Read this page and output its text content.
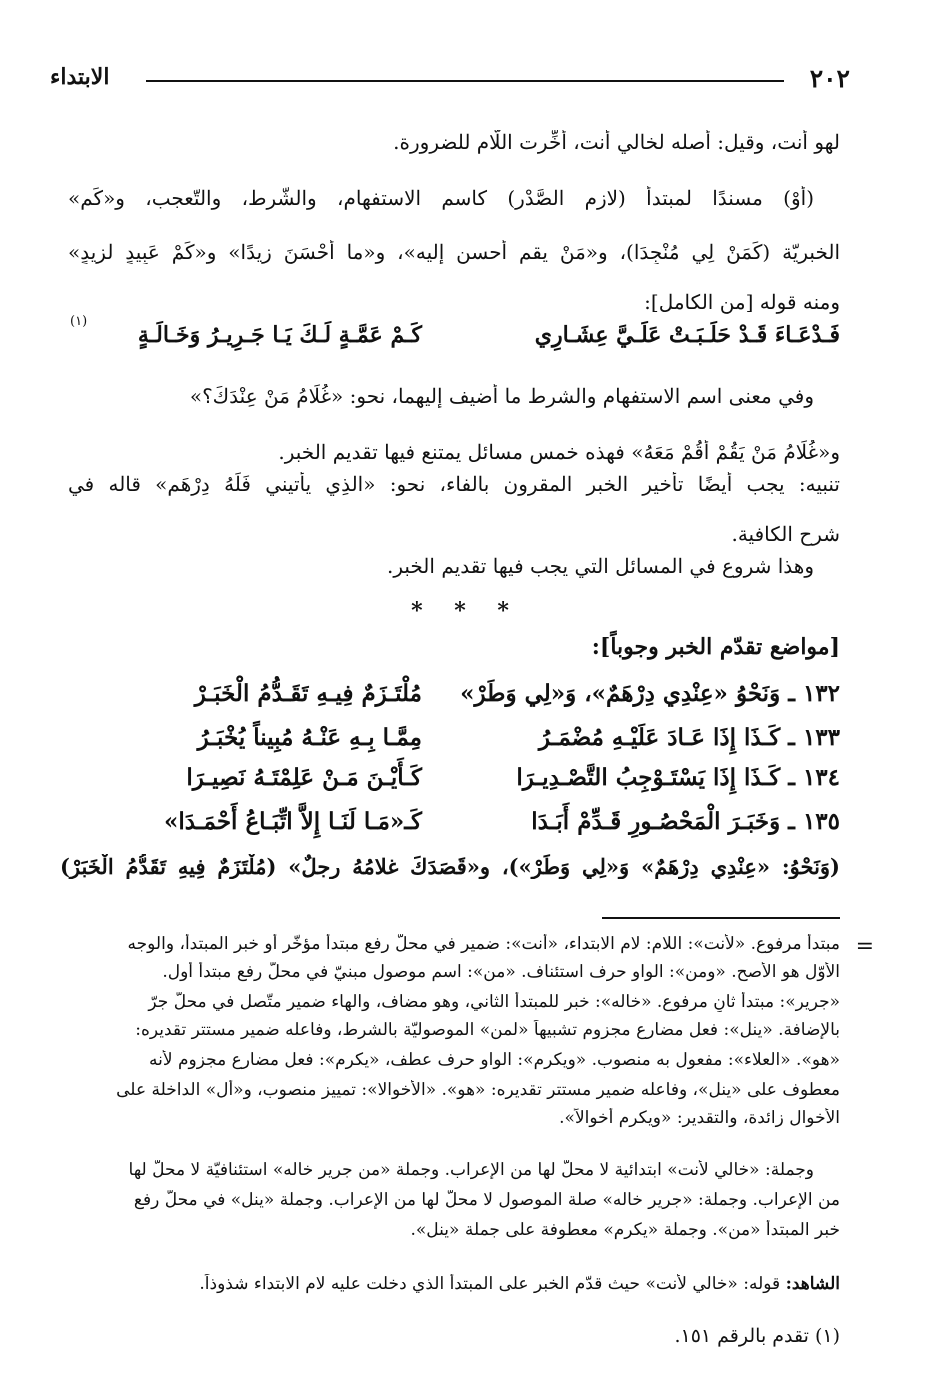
٢٠٢
الابتداء
لهو أنت، وقيل: أصله لخالي أنت، أُخِّرت اللّام للضرورة.
(أوْ) مسندًا لمبتدأ (لازِمِ الصَّدْرِ) كاسم الاستفهام، والشّرط، والتّعجب، و«كَم»
الخبريّة (كَمَنْ لِي مُنْجِدَا)، و«مَنْ يقم أحسن إليه»، و«ما أَحْسَنَ زيدًا» و«كَمْ عَبِيدٍ لزيدٍ»
ومنه قوله [من الكامل]:
فَـدْعَـاءَ قَـدْ حَلَـبَـتْ عَلَـيَّ عِشَـارِي
كَـمْ عَمَّـةٍ لَـكَ يَـا جَـرِيـرُ وَخَـالَـةٍ
(١)
وفي معنى اسم الاستفهام والشرط ما أضيف إليهما، نحو: «غُلَامُ مَنْ عِنْدَكَ؟»
و«غُلَامُ مَنْ يَقُمْ أَقُمْ مَعَهُ» فهذه خمس مسائل يمتنع فيها تقديم الخبر.
تنبيه: يجب أيضًا تأخير الخبر المقرون بالفاء، نحو: «الذِي يأتيني فَلَهُ دِرْهَم» قاله في
شرح الكافية.
وهذا شروع في المسائل التي يجب فيها تقديم الخبر.
* * *
[مواضع تقدّم الخبر وجوباً]:
١٣٢ ـ وَنَحْوُ «عِنْدِي دِرْهَمٌ»، وَ«لِي وَطَرْ»
مُلْتَـزَمٌ فِيـهِ تَقَـدُّمُ الْخَبَـرْ
١٣٣ ـ كَـذَا إِذَا عَـادَ عَلَيْـهِ مُضْمَـرُ
مِمَّـا بِـهِ عَنْـهُ مُبِيناً يُخْبَـرُ
١٣٤ ـ كَـذَا إِذَا يَسْتَـوْجِبُ التَّصْـدِيـرَا
كَـأَيْـنَ مَـنْ عَلِمْتَـهُ نَصِيـرَا
١٣٥ ـ وَخَبَـرَ الْمَحْصُـورِ قَـدِّمْ أَبَـدَا
كَـ«مَـا لَنَـا إِلاَّ اتِّبَـاعُ أَحْمَـدَا»
(وَنَحْوُ: «عِنْدِي دِرْهَمٌ» وَ«لِي وَطَرْ»)، و«قَصَدَكَ غلامُهُ رجلٌ» (مُلْتَزَمٌ فِيهِ تَقَدُّمُ الْخَبَرْ)
=
مبتدأ مرفوع. «لأنت»: اللام: لام الابتداء، «أنت»: ضمير في محلّ رفع مبتدأ مؤخّر أو خبر المبتدأ، والوجه
الأوّل هو الأصح. «ومن»: الواو حرف استئناف. «من»: اسم موصول مبنيّ في محلّ رفع مبتدأ أول.
«جرير»: مبتدأ ثانٍ مرفوع. «خاله»: خبر للمبتدأ الثاني، وهو مضاف، والهاء ضمير متّصل في محلّ جرّ
بالإضافة. «ينل»: فعل مضارع مجزوم تشبيهاً «لمن» الموصوليّة بالشرط، وفاعله ضمير مستتر تقديره:
«هو». «العلاء»: مفعول به منصوب. «ويكرم»: الواو حرف عطف، «يكرم»: فعل مضارع مجزوم لأنه
معطوف على «ينل»، وفاعله ضمير مستتر تقديره: «هو». «الأخوالا»: تمييز منصوب، و«أل» الداخلة على
الأخوال زائدة، والتقدير: «ويكرم أخوالاً».
وجملة: «خالي لأنت» ابتدائية لا محلّ لها من الإعراب. وجملة «من جرير خاله» استئنافيّة لا محلّ لها
من الإعراب. وجملة: «جرير خاله» صلة الموصول لا محلّ لها من الإعراب. وجملة «ينل» في محلّ رفع
خبر المبتدأ «من». وجملة «يكرم» معطوفة على جملة «ينل».
الشاهد: قوله: «خالي لأنت» حيث قدّم الخبر على المبتدأ الذي دخلت عليه لام الابتداء شذوذاً.
(١) تقدم بالرقم ١٥١.
